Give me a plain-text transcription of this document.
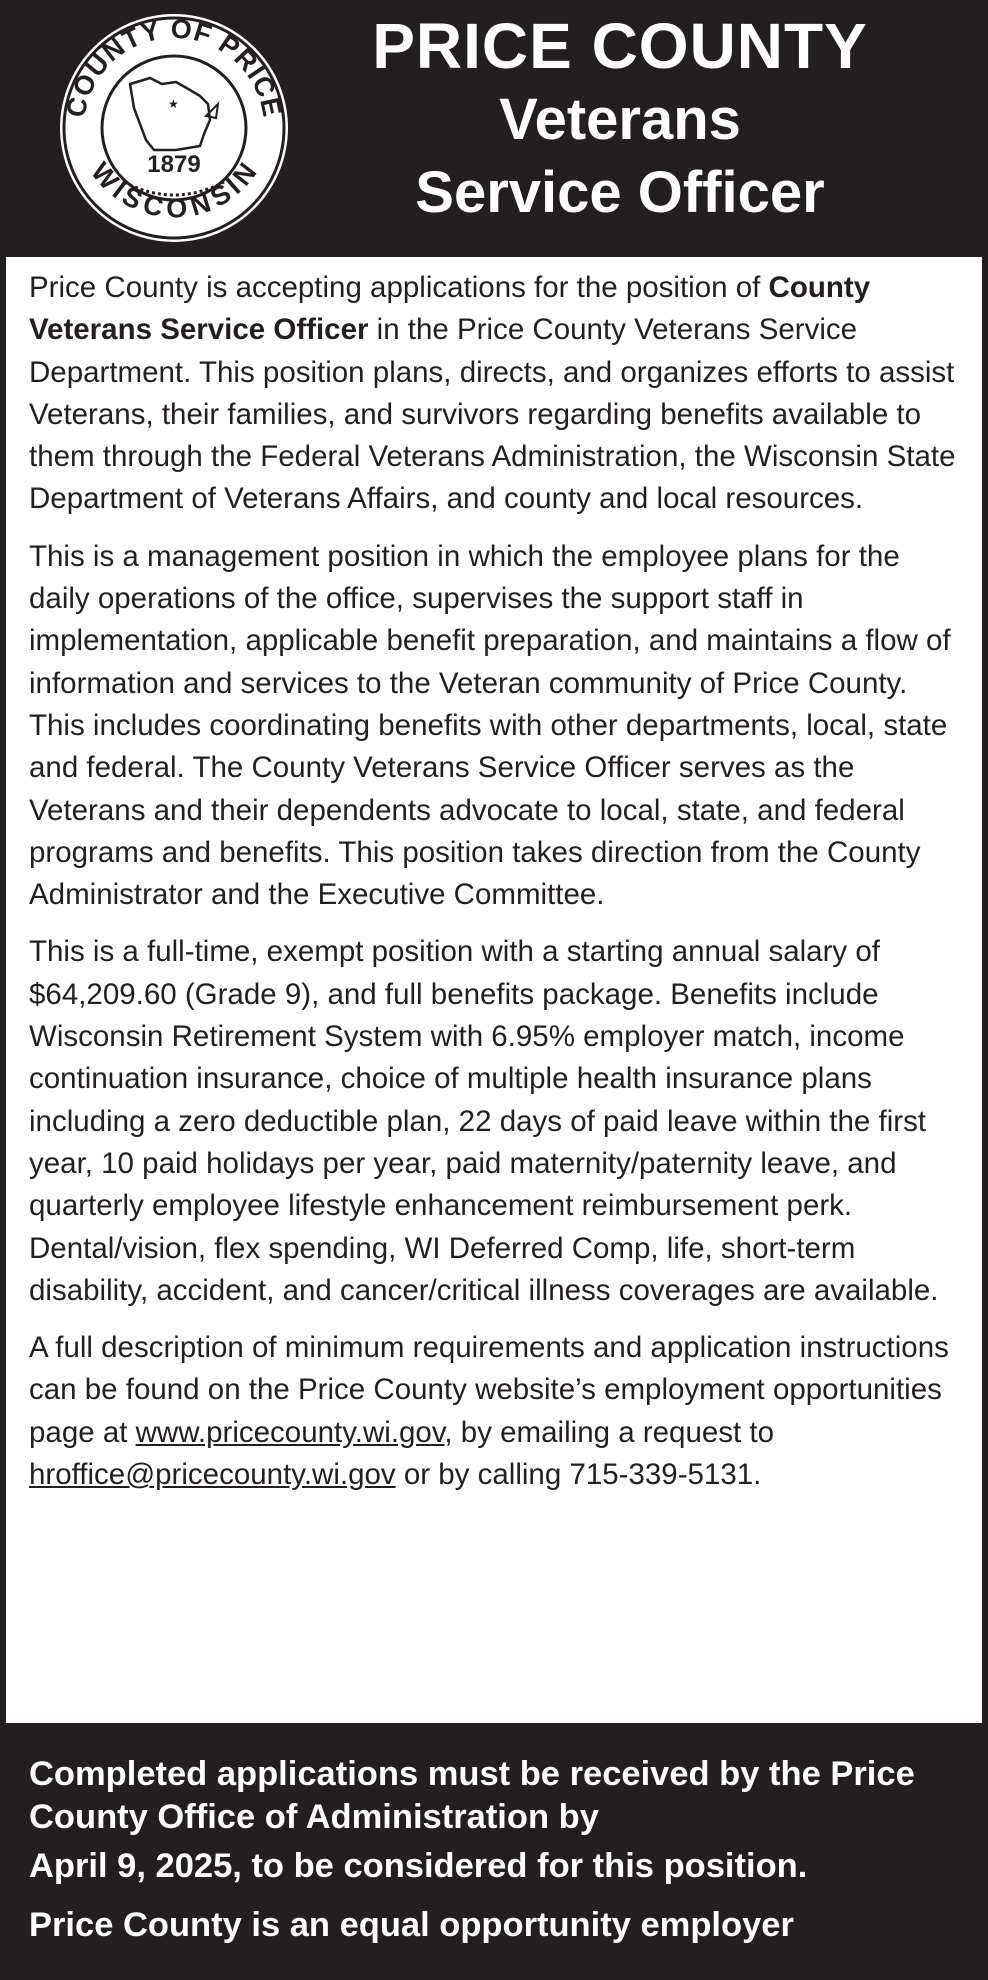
COUNTY OF PRICE
WISCONSIN
★
1879
PRICE COUNTY
Veterans
Service Officer

Price County is accepting applications for the position of County Veterans Service Officer in the Price County Veterans Service Department. This position plans, directs, and organizes efforts to assist Veterans, their families, and survivors regarding benefits available to them through the Federal Veterans Administration, the Wisconsin State Department of Veterans Affairs, and county and local resources.

This is a management position in which the employee plans for the daily operations of the office, supervises the support staff in implementation, applicable benefit preparation, and maintains a flow of information and services to the Veteran community of Price County. This includes coordinating benefits with other departments, local, state and federal. The County Veterans Service Officer serves as the Veterans and their dependents advocate to local, state, and federal programs and benefits. This position takes direction from the County Administrator and the Executive Committee.

This is a full-time, exempt position with a starting annual salary of $64,209.60 (Grade 9), and full benefits package. Benefits include Wisconsin Retirement System with 6.95% employer match, income continuation insurance, choice of multiple health insurance plans including a zero deductible plan, 22 days of paid leave within the first year, 10 paid holidays per year, paid maternity/paternity leave, and quarterly employee lifestyle enhancement reimbursement perk. Dental/vision, flex spending, WI Deferred Comp, life, short-term disability, accident, and cancer/critical illness coverages are available.

A full description of minimum requirements and application instructions can be found on the Price County website’s employment opportunities page at www.pricecounty.wi.gov, by emailing a request to hroffice@pricecounty.wi.gov or by calling 715-339-5131.

Completed applications must be received by the Price County Office of Administration by
April 9, 2025, to be considered for this position.
Price County is an equal opportunity employer
